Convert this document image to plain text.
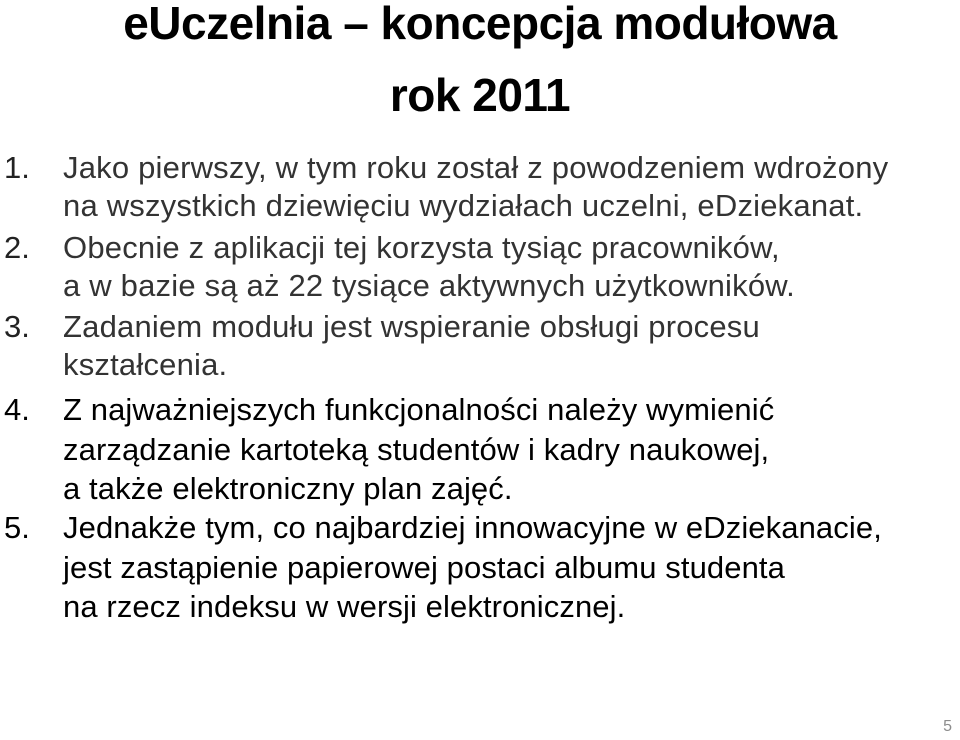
eUczelnia – koncepcja modułowa
rok 2011
1. Jako pierwszy, w tym roku został z powodzeniem wdrożony
na wszystkich dziewięciu wydziałach uczelni, eDziekanat.
2. Obecnie z aplikacji tej korzysta tysiąc pracowników,
a w bazie są aż 22 tysiące aktywnych użytkowników.
3. Zadaniem modułu jest wspieranie obsługi procesu
kształcenia.
4. Z najważniejszych funkcjonalności należy wymienić
zarządzanie kartoteką studentów i kadry naukowej,
a także elektroniczny plan zajęć.
5. Jednakże tym, co najbardziej innowacyjne w eDziekanacie,
jest zastąpienie papierowej postaci albumu studenta
na rzecz indeksu w wersji elektronicznej.
5
